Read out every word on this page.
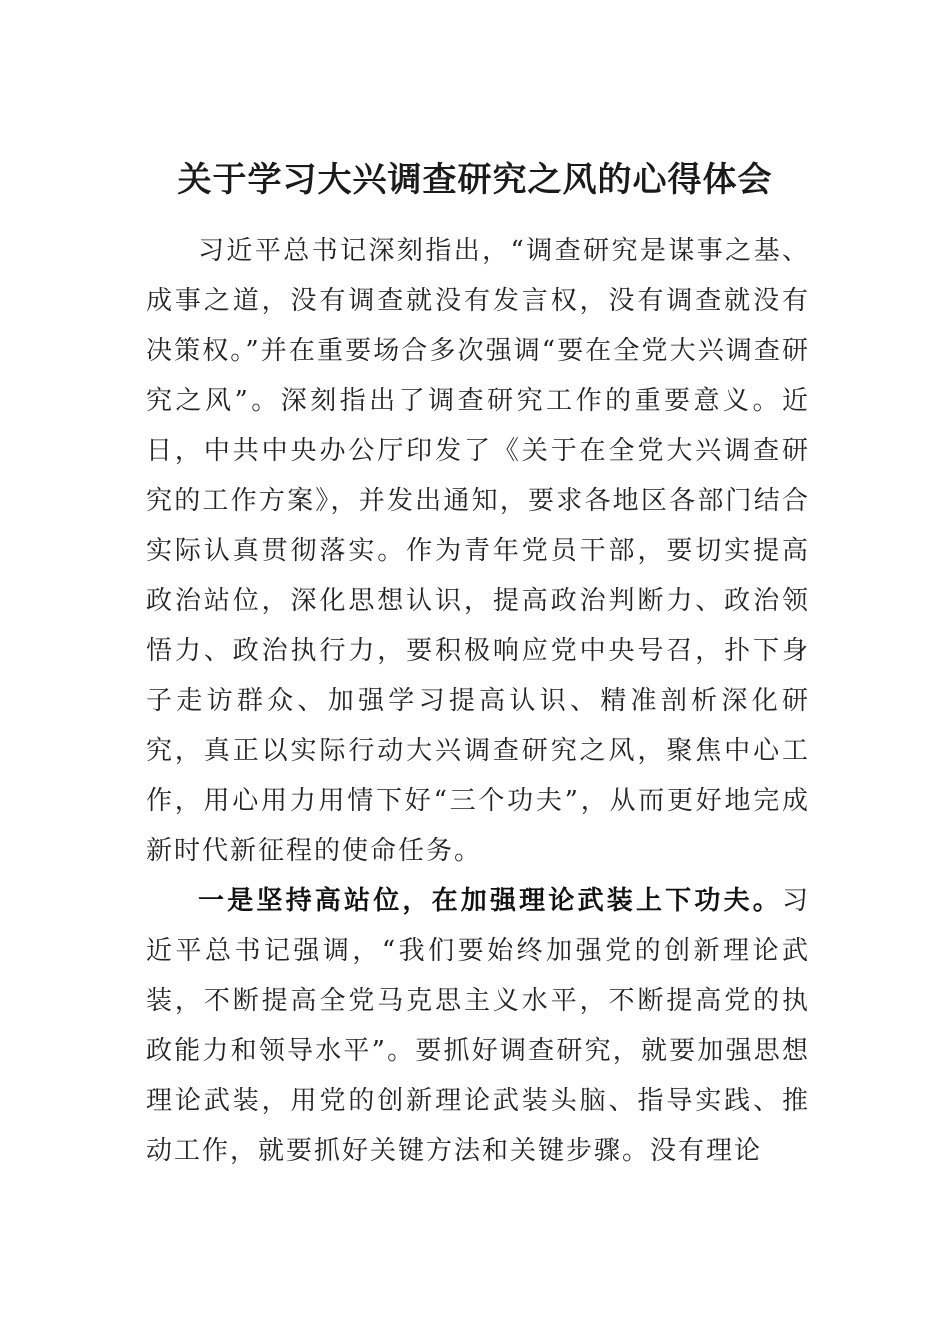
关于学习大兴调查研究之风的心得体会

习近平总书记深刻指出，“调查研究是谋事之基、成事之道，没有调查就没有发言权，没有调查就没有决策权。”并在重要场合多次强调“要在全党大兴调查研究之风”。深刻指出了调查研究工作的重要意义。近日，中共中央办公厅印发了《关于在全党大兴调查研究的工作方案》，并发出通知，要求各地区各部门结合实际认真贯彻落实。作为青年党员干部，要切实提高政治站位，深化思想认识，提高政治判断力、政治领悟力、政治执行力，要积极响应党中央号召，扑下身子走访群众、加强学习提高认识、精准剖析深化研究，真正以实际行动大兴调查研究之风，聚焦中心工作，用心用力用情下好“三个功夫”，从而更好地完成新时代新征程的使命任务。

一是坚持高站位，在加强理论武装上下功夫。习近平总书记强调，“我们要始终加强党的创新理论武装，不断提高全党马克思主义水平，不断提高党的执政能力和领导水平”。要抓好调查研究，就要加强思想理论武装，用党的创新理论武装头脑、指导实践、推动工作，就要抓好关键方法和关键步骤。没有理论
